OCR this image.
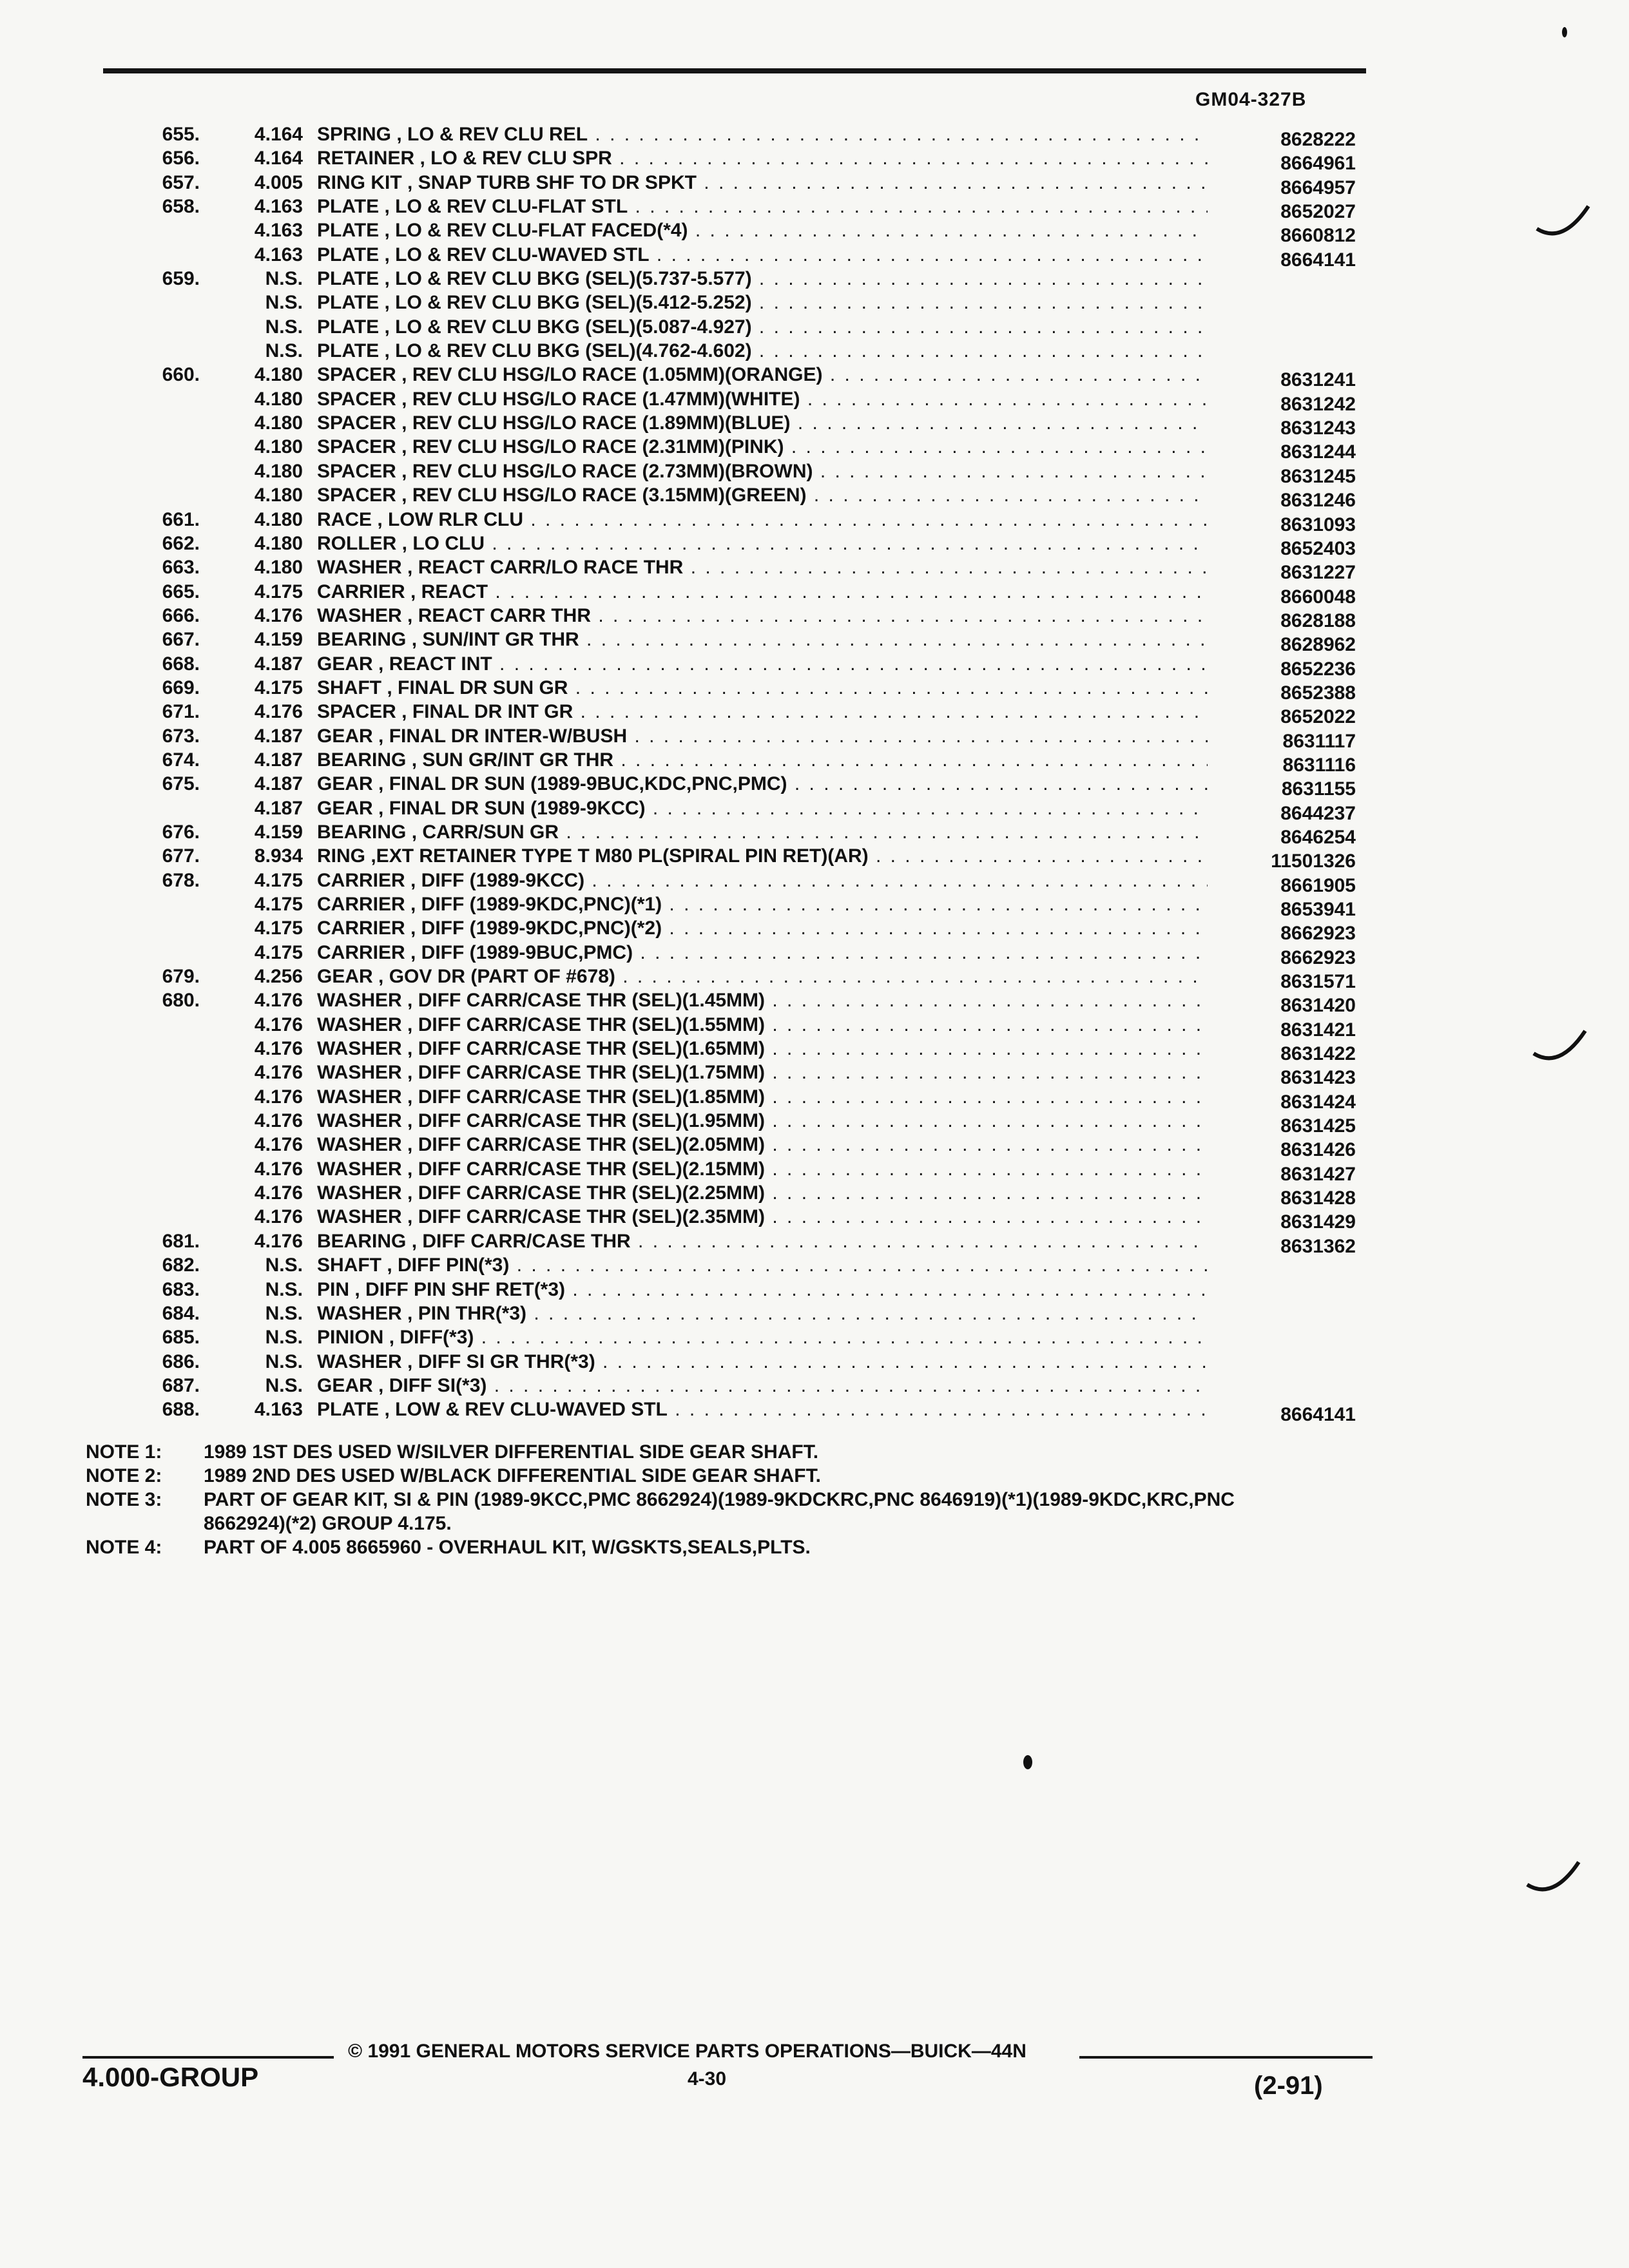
GM04-327B
655.	4.164 SPRING , LO & REV CLU REL . . .	8628222
656.	4.164 RETAINER , LO & REV CLU SPR . . .	8664961
657.	4.005 RING KIT , SNAP TURB SHF TO DR SPKT . . .	8664957
658.	4.163 PLATE , LO & REV CLU-FLAT STL . . .	8652027
4.163 PLATE , LO & REV CLU-FLAT FACED(*4) . . .	8660812
4.163 PLATE , LO & REV CLU-WAVED STL . . .	8664141
659.	N.S. PLATE , LO & REV CLU BKG (SEL)(5.737-5.577) . . .
N.S. PLATE , LO & REV CLU BKG (SEL)(5.412-5.252) . . .
N.S. PLATE , LO & REV CLU BKG (SEL)(5.087-4.927) . . .
N.S. PLATE , LO & REV CLU BKG (SEL)(4.762-4.602) . . .
660.	4.180 SPACER , REV CLU HSG/LO RACE (1.05MM)(ORANGE) . . .	8631241
4.180 SPACER , REV CLU HSG/LO RACE (1.47MM)(WHITE) . . .	8631242
4.180 SPACER , REV CLU HSG/LO RACE (1.89MM)(BLUE) . . .	8631243
4.180 SPACER , REV CLU HSG/LO RACE (2.31MM)(PINK) . . .	8631244
4.180 SPACER , REV CLU HSG/LO RACE (2.73MM)(BROWN) . . .	8631245
4.180 SPACER , REV CLU HSG/LO RACE (3.15MM)(GREEN) . . .	8631246
661.	4.180 RACE , LOW RLR CLU . . .	8631093
662.	4.180 ROLLER , LO CLU . . .	8652403
663.	4.180 WASHER , REACT CARR/LO RACE THR . . .	8631227
665.	4.175 CARRIER , REACT . . .	8660048
666.	4.176 WASHER , REACT CARR THR . . .	8628188
667.	4.159 BEARING , SUN/INT GR THR . . .	8628962
668.	4.187 GEAR , REACT INT . . .	8652236
669.	4.175 SHAFT , FINAL DR SUN GR . . .	8652388
671.	4.176 SPACER , FINAL DR INT GR . . .	8652022
673.	4.187 GEAR , FINAL DR INTER-W/BUSH . . .	8631117
674.	4.187 BEARING , SUN GR/INT GR THR . . .	8631116
675.	4.187 GEAR , FINAL DR SUN (1989-9BUC,KDC,PNC,PMC) . . .	8631155
4.187 GEAR , FINAL DR SUN (1989-9KCC) . . .	8644237
676.	4.159 BEARING , CARR/SUN GR . . .	8646254
677.	8.934 RING ,EXT RETAINER TYPE T M80 PL(SPIRAL PIN RET)(AR) . . .	11501326
678.	4.175 CARRIER , DIFF (1989-9KCC) . . .	8661905
4.175 CARRIER , DIFF (1989-9KDC,PNC)(*1) . . .	8653941
4.175 CARRIER , DIFF (1989-9KDC,PNC)(*2) . . .	8662923
4.175 CARRIER , DIFF (1989-9BUC,PMC) . . .	8662923
679.	4.256 GEAR , GOV DR (PART OF #678) . . .	8631571
680.	4.176 WASHER , DIFF CARR/CASE THR (SEL)(1.45MM) . . .	8631420
4.176 WASHER , DIFF CARR/CASE THR (SEL)(1.55MM) . . .	8631421
4.176 WASHER , DIFF CARR/CASE THR (SEL)(1.65MM) . . .	8631422
4.176 WASHER , DIFF CARR/CASE THR (SEL)(1.75MM) . . .	8631423
4.176 WASHER , DIFF CARR/CASE THR (SEL)(1.85MM) . . .	8631424
4.176 WASHER , DIFF CARR/CASE THR (SEL)(1.95MM) . . .	8631425
4.176 WASHER , DIFF CARR/CASE THR (SEL)(2.05MM) . . .	8631426
4.176 WASHER , DIFF CARR/CASE THR (SEL)(2.15MM) . . .	8631427
4.176 WASHER , DIFF CARR/CASE THR (SEL)(2.25MM) . . .	8631428
4.176 WASHER , DIFF CARR/CASE THR (SEL)(2.35MM) . . .	8631429
681.	4.176 BEARING , DIFF CARR/CASE THR . . .	8631362
682.	N.S. SHAFT , DIFF PIN(*3) . . .
683.	N.S. PIN , DIFF PIN SHF RET(*3) . . .
684.	N.S. WASHER , PIN THR(*3) . . .
685.	N.S. PINION , DIFF(*3) . . .
686.	N.S. WASHER , DIFF SI GR THR(*3) . . .
687.	N.S. GEAR , DIFF SI(*3) . . .
688.	4.163 PLATE , LOW & REV CLU-WAVED STL . . .	8664141
NOTE 1:	1989 1ST DES USED W/SILVER DIFFERENTIAL SIDE GEAR SHAFT.
NOTE 2:	1989 2ND DES USED W/BLACK DIFFERENTIAL SIDE GEAR SHAFT.
NOTE 3:	PART OF GEAR KIT, SI & PIN (1989-9KCC,PMC 8662924)(1989-9KDCKRC,PNC 8646919)(*1)(1989-9KDC,KRC,PNC 8662924)(*2) GROUP 4.175.
NOTE 4:	PART OF 4.005 8665960 - OVERHAUL KIT, W/GSKTS,SEALS,PLTS.
4.000-GROUP
© 1991 GENERAL MOTORS SERVICE PARTS OPERATIONS—BUICK—44N
4-30	(2-91)
